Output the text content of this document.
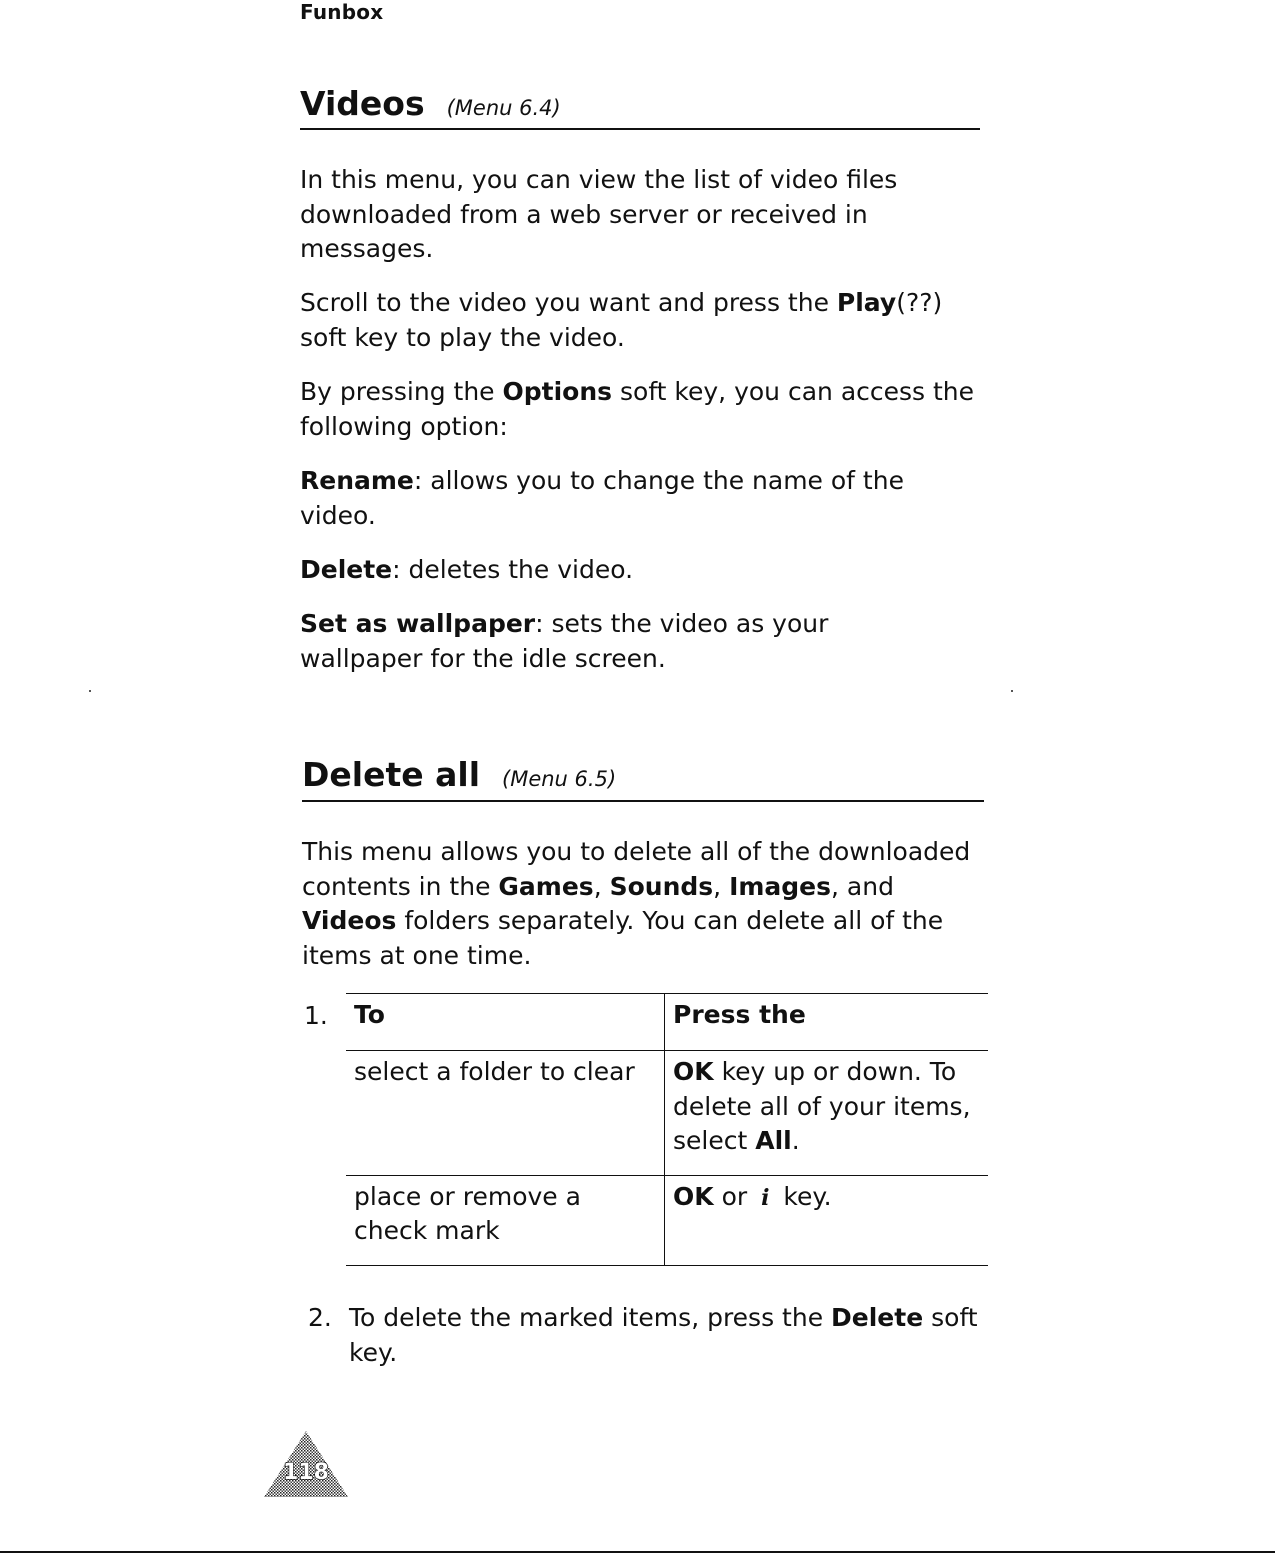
Funbox
Videos (Menu 6.4)

In this menu, you can view the list of video files downloaded from a web server or received in messages.

Scroll to the video you want and press the Play(??) soft key to play the video.

By pressing the Options soft key, you can access the following option:

Rename: allows you to change the name of the video.

Delete: deletes the video.

Set as wallpaper: sets the video as your wallpaper for the idle screen.

Delete all (Menu 6.5)

This menu allows you to delete all of the downloaded contents in the Games, Sounds, Images, and Videos folders separately. You can delete all of the items at one time.

1. To	Press the
select a folder to clear	OK key up or down. To delete all of your items, select All.
place or remove a check mark	OK or i key.
2. To delete the marked items, press the Delete soft key.

118
